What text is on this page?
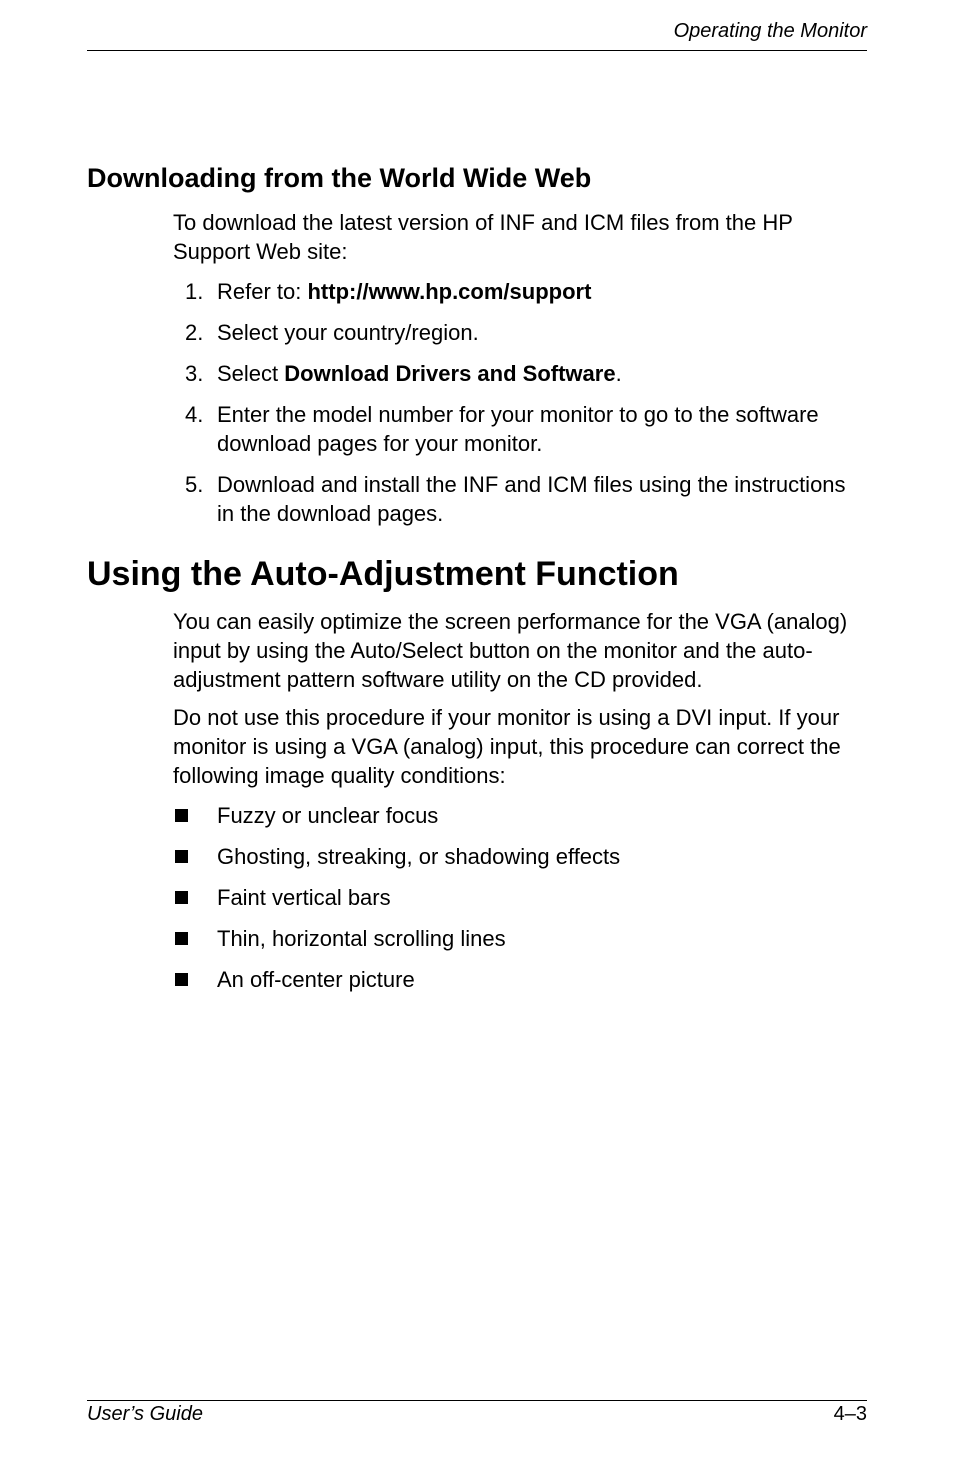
Operating the Monitor
Downloading from the World Wide Web

To download the latest version of INF and ICM files from the HP Support Web site:

1. Refer to: http://www.hp.com/support
2. Select your country/region.
3. Select Download Drivers and Software.
4. Enter the model number for your monitor to go to the software download pages for your monitor.
5. Download and install the INF and ICM files using the instructions in the download pages.
Using the Auto-Adjustment Function

You can easily optimize the screen performance for the VGA (analog) input by using the Auto/Select button on the monitor and the auto-adjustment pattern software utility on the CD provided.

Do not use this procedure if your monitor is using a DVI input. If your monitor is using a VGA (analog) input, this procedure can correct the following image quality conditions:

Fuzzy or unclear focus
Ghosting, streaking, or shadowing effects
Faint vertical bars
Thin, horizontal scrolling lines
An off-center picture
User’s Guide	4–3
